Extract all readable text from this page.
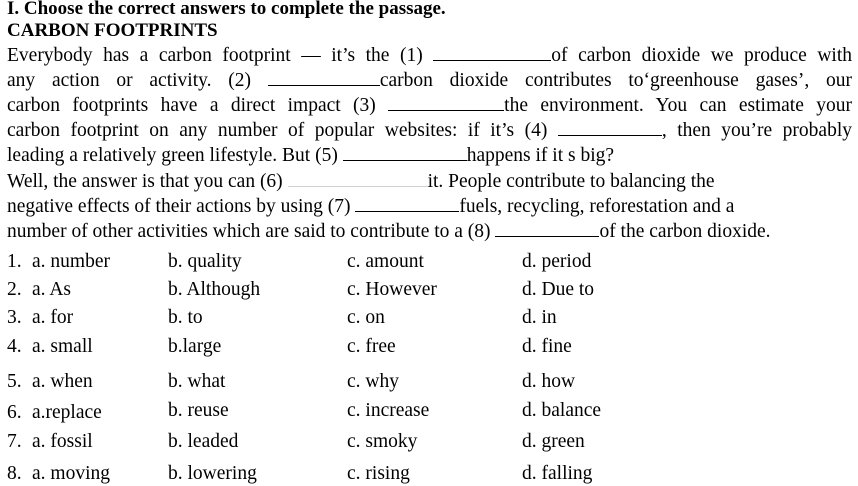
I. Choose the correct answers to complete the passage.
CARBON FOOTPRINTS
Everybody has a carbon footprint — it’s the (1)	of carbon dioxide we produce with
any action or activity. (2)	carbon dioxide contributes to‘greenhouse gases’, our
carbon footprints have a direct impact (3)	the environment. You can estimate your
carbon footprint on any number of popular websites: if it’s (4)	, then you’re probably
leading a relatively green lifestyle. But (5)	happens if it s big?
Well, the answer is that you can (6)	it. People contribute to balancing the
negative effects of their actions by using (7)	fuels, recycling, reforestation and a
number of other activities which are said to contribute to a (8)	of the carbon dioxide.
1. a. number	b. quality	c. amount	d. period
2. a. As	b. Although	c. However	d. Due to
3. a. for	b. to	c. on	d. in
4. a. small	b.large	c. free	d. fine
5. a. when	b. what	c. why	d. how
6. a.replace	b. reuse	c. increase	d. balance
7. a. fossil	b. leaded	c. smoky	d. green
8. a. moving	b. lowering	c. rising	d. falling
